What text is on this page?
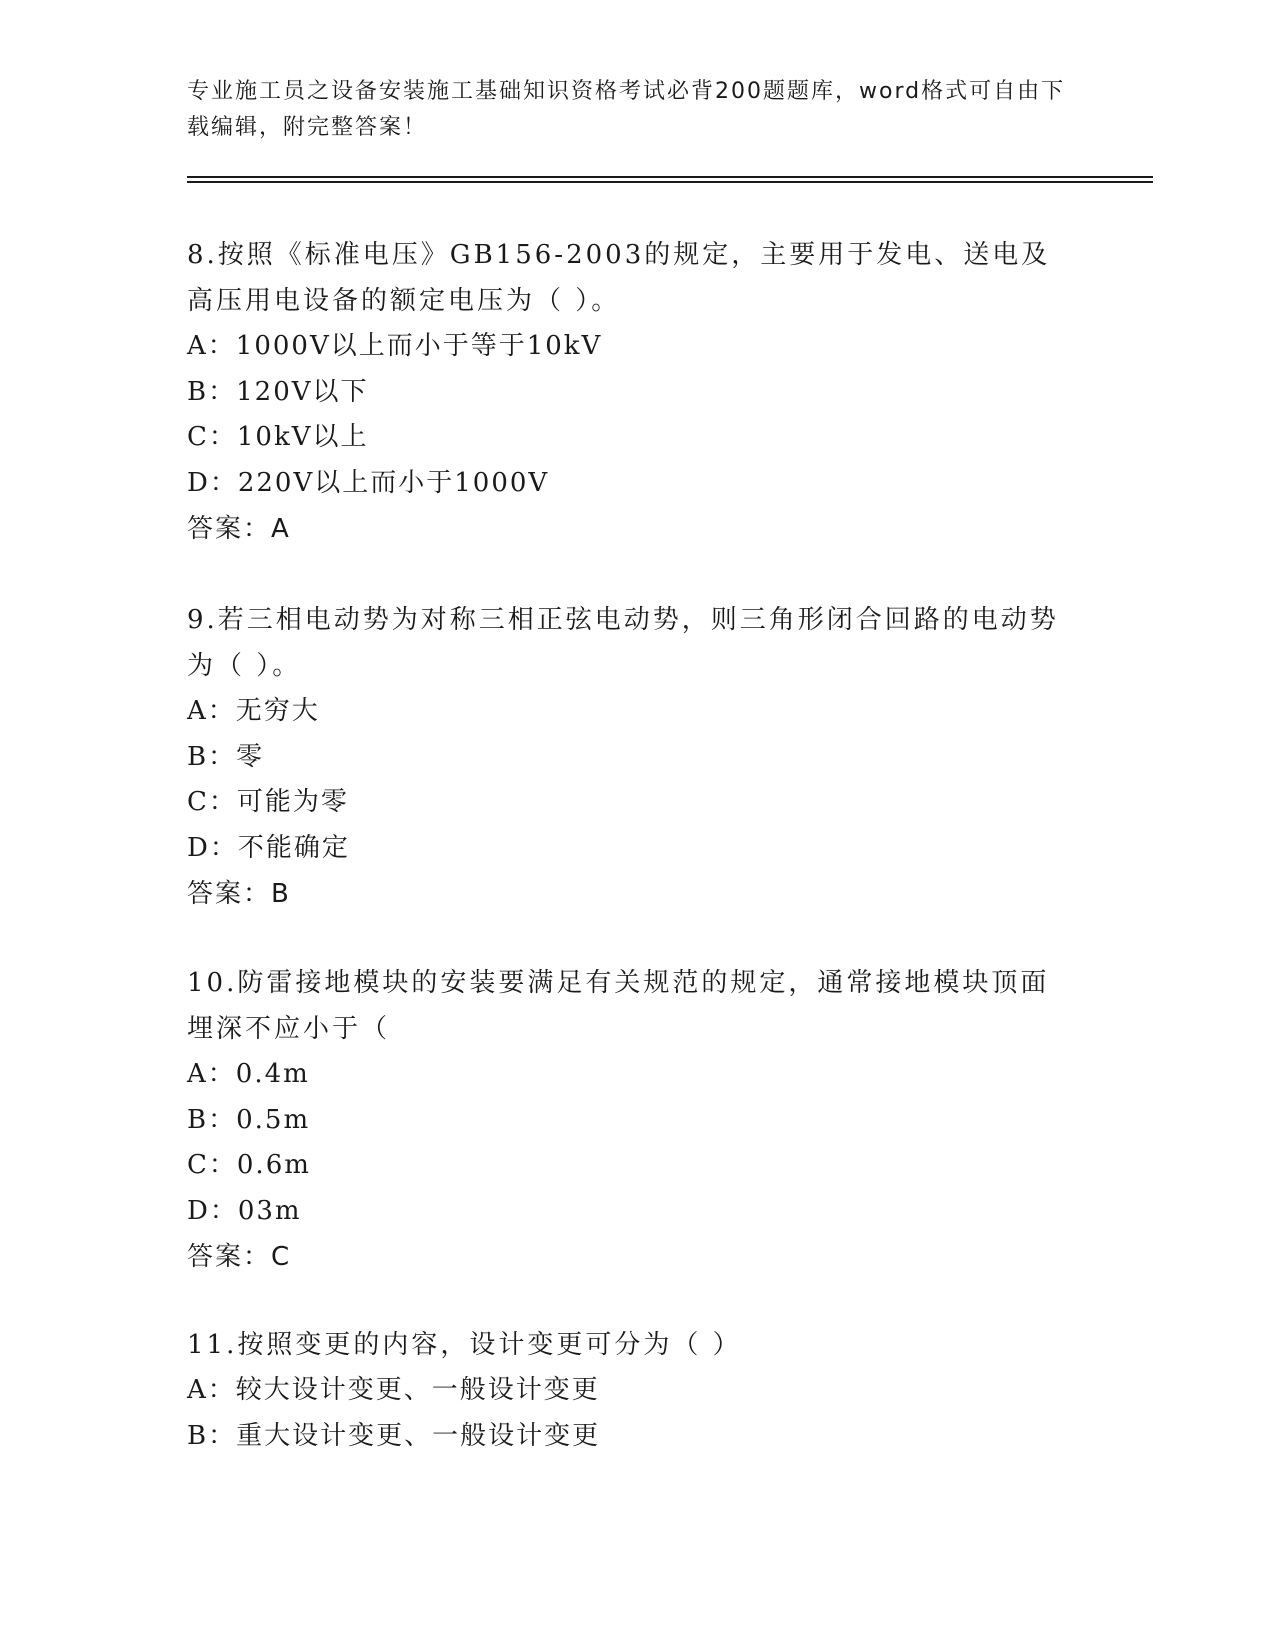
专业施工员之设备安装施工基础知识资格考试必背200题题库，word格式可自由下载编辑，附完整答案！
8.按照《标准电压》GB156-2003的规定，主要用于发电、送电及高压用电设备的额定电压为（ ）。
A：1000V以上而小于等于10kV
B：120V以下
C：10kV以上
D：220V以上而小于1000V
答案：A
9.若三相电动势为对称三相正弦电动势，则三角形闭合回路的电动势为（ ）。
A：无穷大
B：零
C：可能为零
D：不能确定
答案：B
10.防雷接地模块的安装要满足有关规范的规定，通常接地模块顶面埋深不应小于（
A：0.4m
B：0.5m
C：0.6m
D：03m
答案：C
11.按照变更的内容，设计变更可分为（ ）
A：较大设计变更、一般设计变更
B：重大设计变更、一般设计变更
